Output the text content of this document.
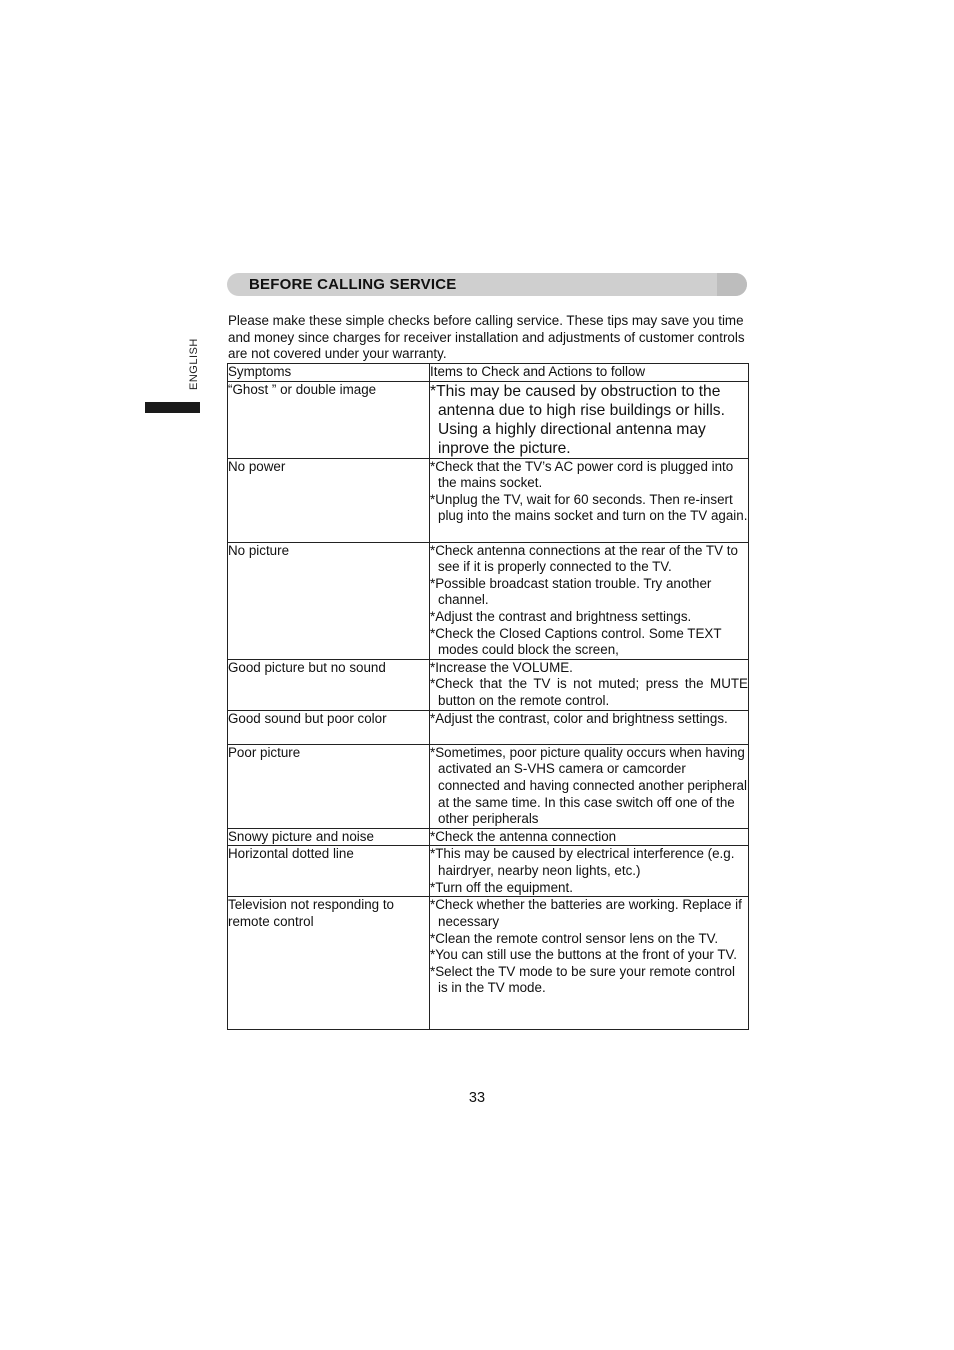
ENGLISH
BEFORE CALLING SERVICE

Please make these simple checks before calling service. These tips may save you time and money since charges for receiver installation and adjustments of customer controls are not covered under your warranty.

Symptoms	Items to Check and Actions to follow
“Ghost ” or double image	*This may be caused by obstruction to the antenna due to high rise buildings or hills. Using a highly directional antenna may inprove the picture.

No power	*Check that the TV’s AC power cord is plugged into the mains socket.
*Unplug the TV, wait for 60 seconds. Then re-insert plug into the mains socket and turn on the TV again.

No picture	*Check antenna connections at the rear of the TV to see if it is properly connected to the TV.
*Possible broadcast station trouble. Try another channel.
*Adjust the contrast and brightness settings.
*Check the Closed Captions control. Some TEXT modes could block the screen,

Good picture but no sound	*Increase the VOLUME.
*Check that the TV is not muted; press the MUTE button on the remote control.

Good sound but poor color	*Adjust the contrast, color and brightness settings.

Poor picture	*Sometimes, poor picture quality occurs when having activated an S-VHS camera or camcorder connected and having connected another peripheral at the same time. In this case switch off one of the other peripherals

Snowy picture and noise	*Check the antenna connection

Horizontal dotted line	*This may be caused by electrical interference (e.g. hairdryer, nearby neon lights, etc.)
*Turn off the equipment.

Television not responding to remote control	*Check whether the batteries are working. Replace if necessary
*Clean the remote control sensor lens on the TV.
*You can still use the buttons at the front of your TV.
*Select the TV mode to be sure your remote control is in the TV mode.
33
